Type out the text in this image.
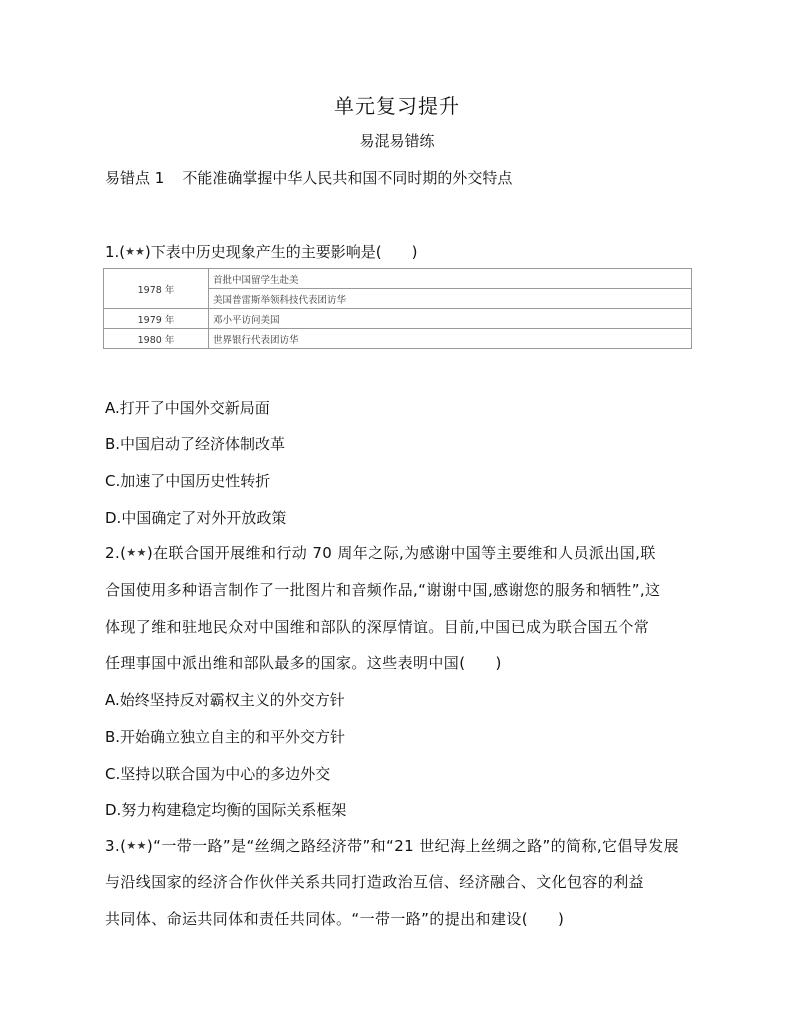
单元复习提升
易混易错练
易错点 1 不能准确掌握中华人民共和国不同时期的外交特点
1.(★★)下表中历史现象产生的主要影响是( )
1978 年	首批中国留学生赴美
	美国普雷斯举领科技代表团访华
1979 年	邓小平访问美国
1980 年	世界银行代表团访华
A.打开了中国外交新局面
B.中国启动了经济体制改革
C.加速了中国历史性转折
D.中国确定了对外开放政策
2.(★★)在联合国开展维和行动 70 周年之际,为感谢中国等主要维和人员派出国,联
合国使用多种语言制作了一批图片和音频作品,“谢谢中国,感谢您的服务和牺牲”,这
体现了维和驻地民众对中国维和部队的深厚情谊。目前,中国已成为联合国五个常
任理事国中派出维和部队最多的国家。这些表明中国( )
A.始终坚持反对霸权主义的外交方针
B.开始确立独立自主的和平外交方针
C.坚持以联合国为中心的多边外交
D.努力构建稳定均衡的国际关系框架
3.(★★)“一带一路”是“丝绸之路经济带”和“21 世纪海上丝绸之路”的简称,它倡导发展
与沿线国家的经济合作伙伴关系共同打造政治互信、经济融合、文化包容的利益
共同体、命运共同体和责任共同体。“一带一路”的提出和建设( )
